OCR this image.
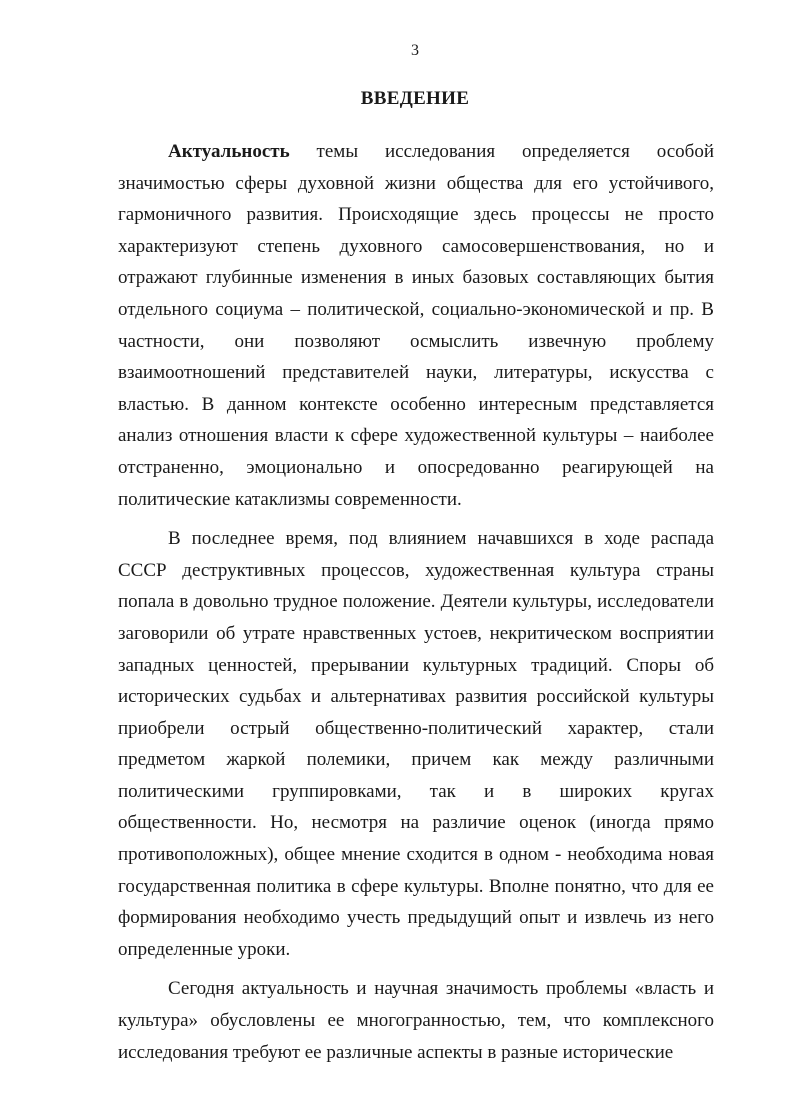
3
ВВЕДЕНИЕ

Актуальность темы исследования определяется особой значимостью сферы духовной жизни общества для его устойчивого, гармоничного развития. Происходящие здесь процессы не просто характеризуют степень духовного самосовершенствования, но и отражают глубинные изменения в иных базовых составляющих бытия отдельного социума – политической, социально-экономической и пр. В частности, они позволяют осмыслить извечную проблему взаимоотношений представителей науки, литературы, искусства с властью. В данном контексте особенно интересным представляется анализ отношения власти к сфере художественной культуры – наиболее отстраненно, эмоционально и опосредованно реагирующей на политические катаклизмы современности.

В последнее время, под влиянием начавшихся в ходе распада СССР деструктивных процессов, художественная культура страны попала в довольно трудное положение. Деятели культуры, исследователи заговорили об утрате нравственных устоев, некритическом восприятии западных ценностей, прерывании культурных традиций. Споры об исторических судьбах и альтернативах развития российской культуры приобрели острый общественно-политический характер, стали предметом жаркой полемики, причем как между различными политическими группировками, так и в широких кругах общественности. Но, несмотря на различие оценок (иногда прямо противоположных), общее мнение сходится в одном - необходима новая государственная политика в сфере культуры. Вполне понятно, что для ее формирования необходимо учесть предыдущий опыт и извлечь из него определенные уроки.

Сегодня актуальность и научная значимость проблемы «власть и культура» обусловлены ее многогранностью, тем, что комплексного исследования требуют ее различные аспекты в разные исторические
